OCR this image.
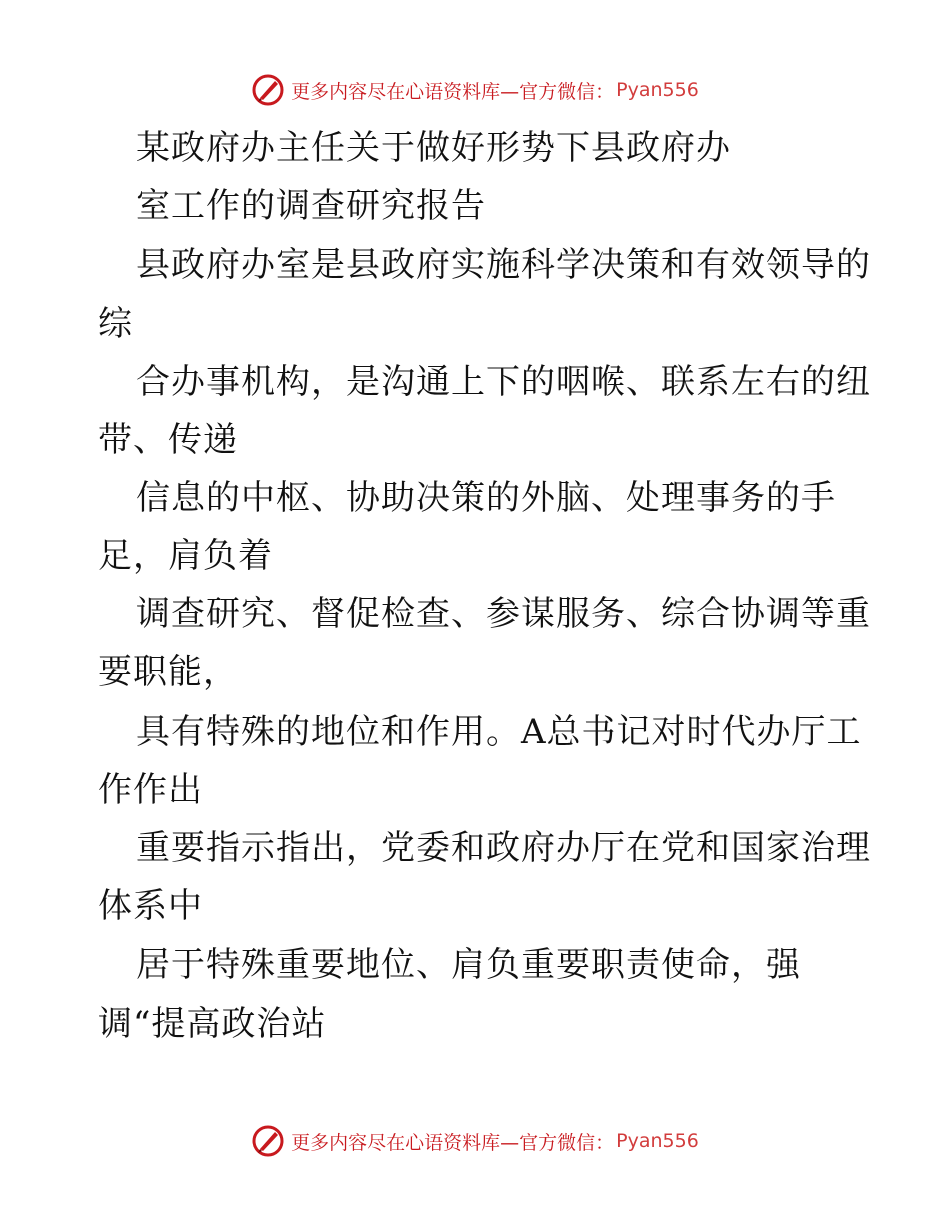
更多内容尽在心语资料库—官方微信： Pyan556
某政府办主任关于做好形势下县政府办
室工作的调查研究报告
县政府办室是县政府实施科学决策和有效领导的
综
合办事机构，是沟通上下的咽喉、联系左右的纽
带、传递
信息的中枢、协助决策的外脑、处理事务的手
足，肩负着
调查研究、督促检查、参谋服务、综合协调等重
要职能，
具有特殊的地位和作用。A总书记对时代办厅工
作作出
重要指示指出，党委和政府办厅在党和国家治理
体系中
居于特殊重要地位、肩负重要职责使命，强
调“提高政治站
更多内容尽在心语资料库—官方微信： Pyan556
